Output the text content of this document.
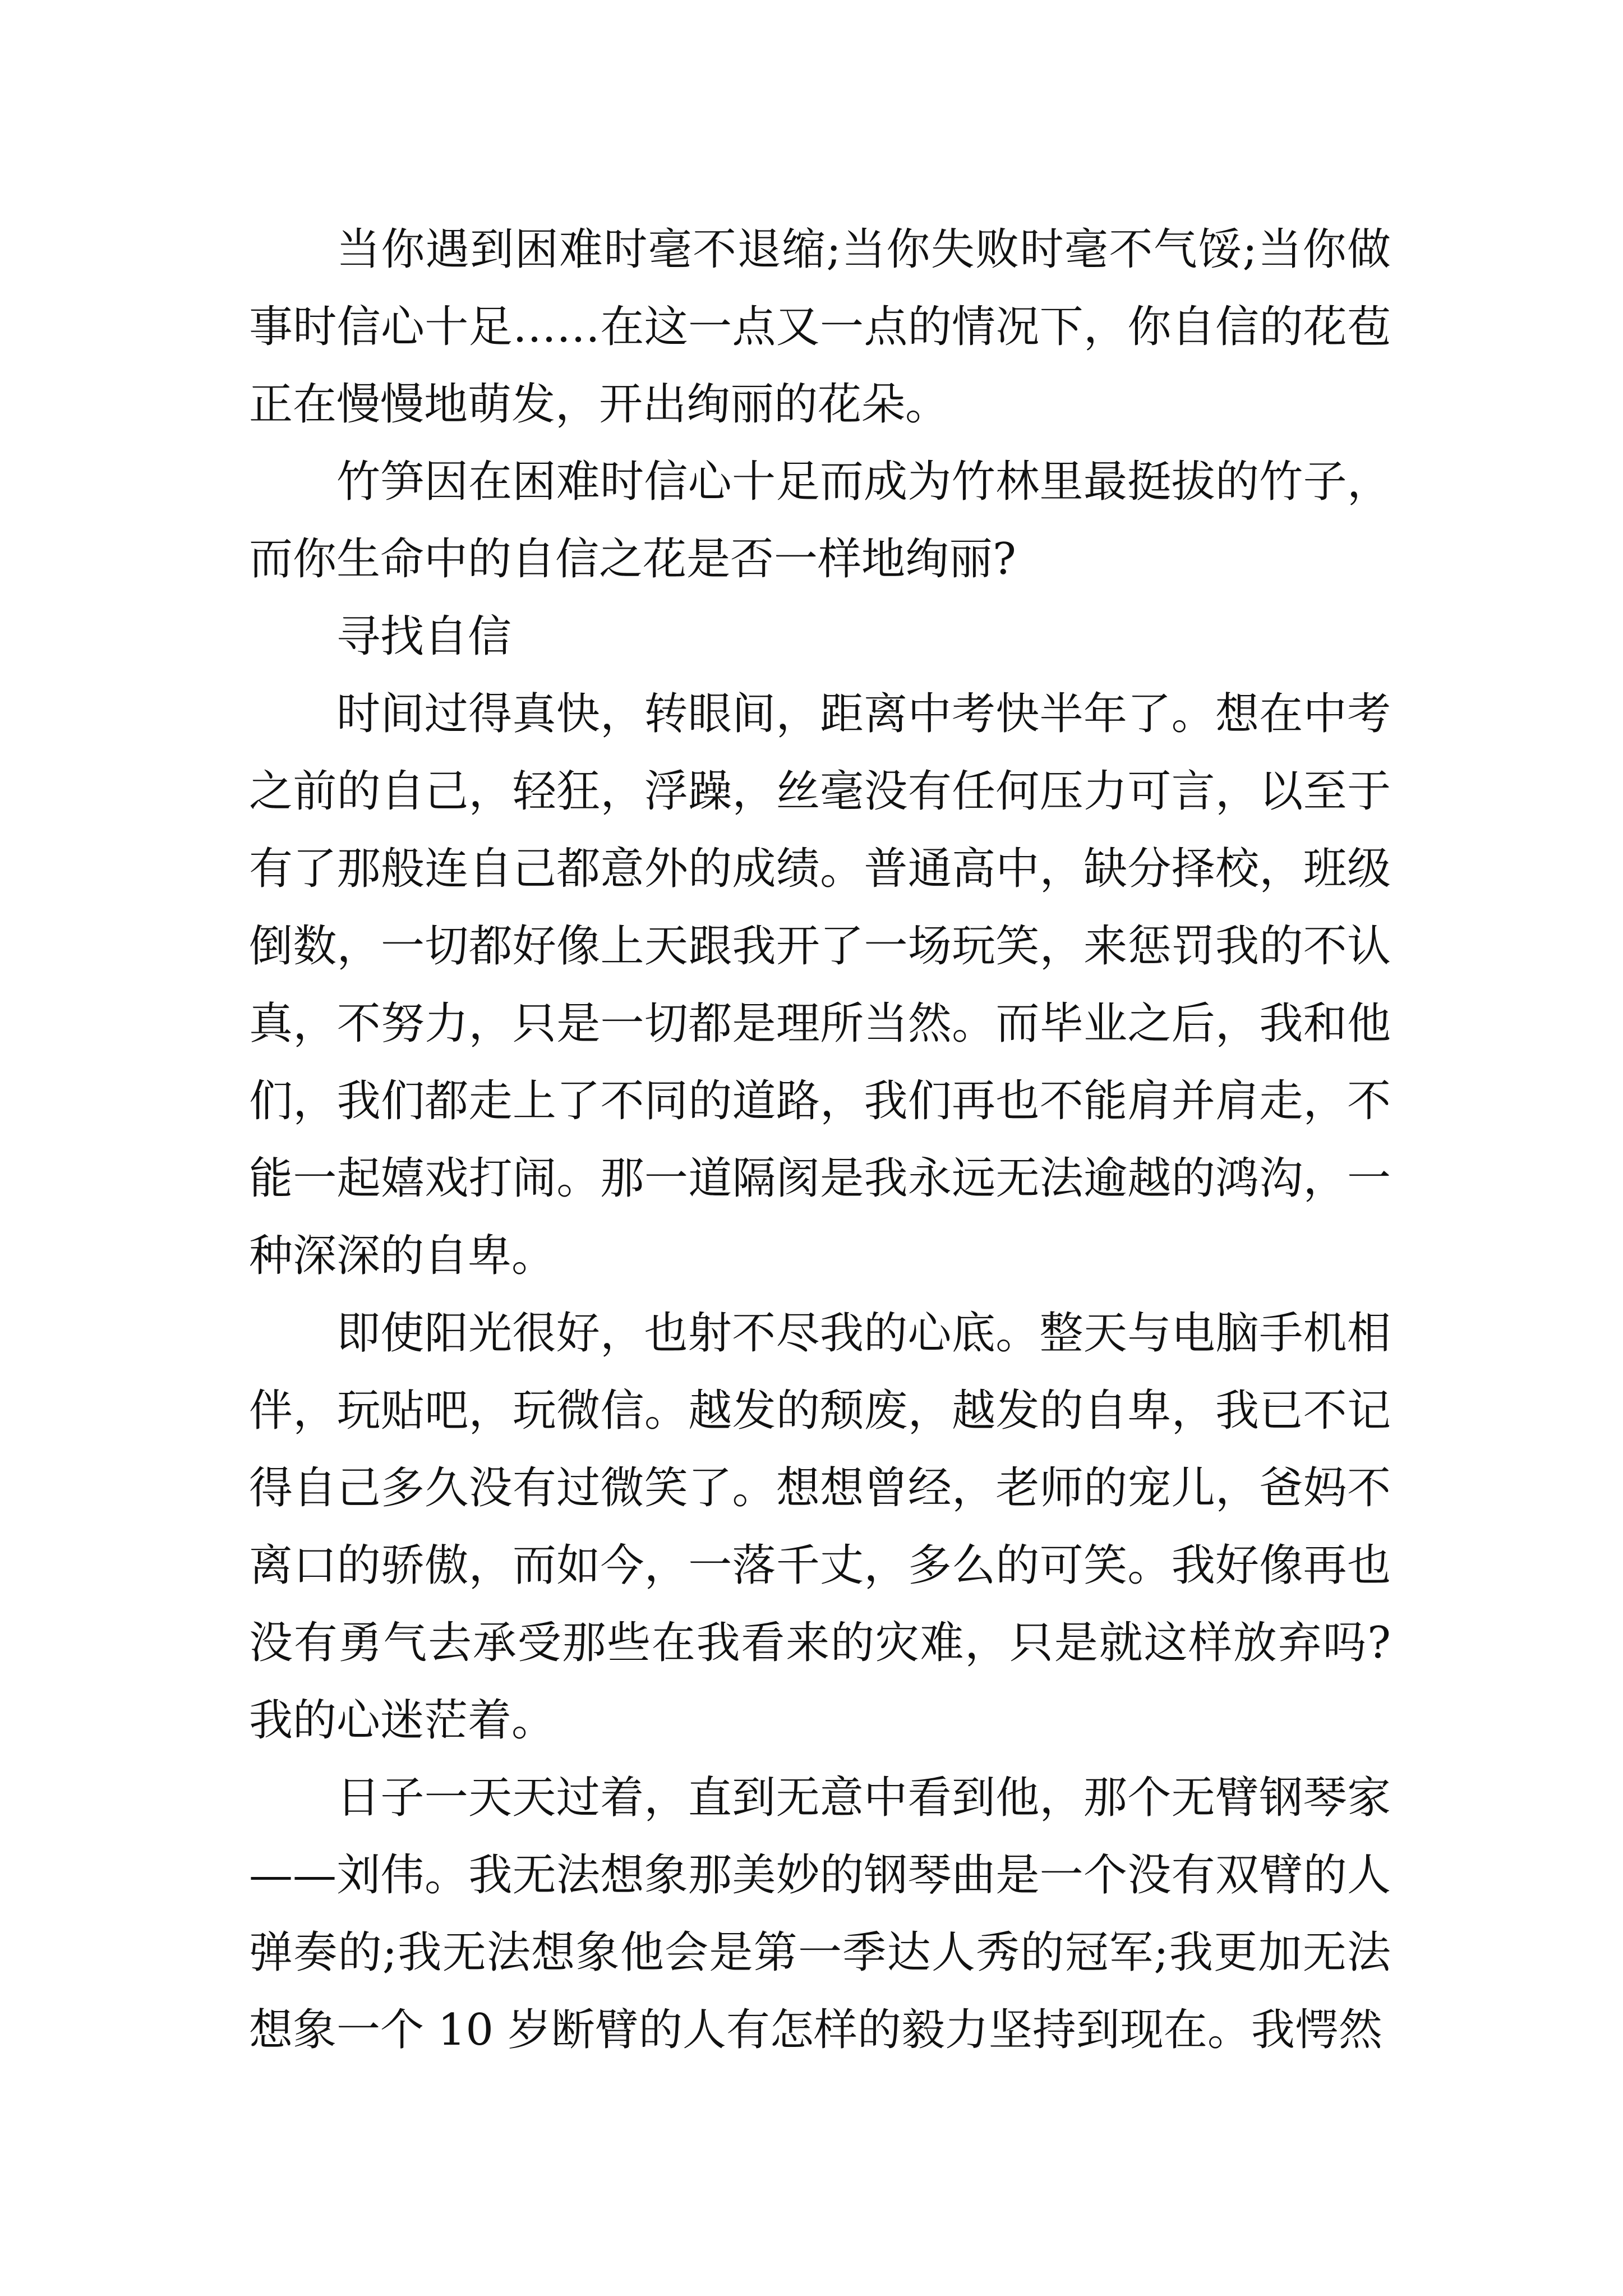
当你遇到困难时毫不退缩;当你失败时毫不气馁;当你做事时信心十足……在这一点又一点的情况下，你自信的花苞正在慢慢地萌发，开出绚丽的花朵。

竹笋因在困难时信心十足而成为竹林里最挺拔的竹子，而你生命中的自信之花是否一样地绚丽?

寻找自信

时间过得真快，转眼间，距离中考快半年了。想在中考之前的自己，轻狂，浮躁，丝毫没有任何压力可言，以至于有了那般连自己都意外的成绩。普通高中，缺分择校，班级倒数，一切都好像上天跟我开了一场玩笑，来惩罚我的不认真，不努力，只是一切都是理所当然。而毕业之后，我和他们，我们都走上了不同的道路，我们再也不能肩并肩走，不能一起嬉戏打闹。那一道隔阂是我永远无法逾越的鸿沟，一种深深的自卑。

即使阳光很好，也射不尽我的心底。整天与电脑手机相伴，玩贴吧，玩微信。越发的颓废，越发的自卑，我已不记得自己多久没有过微笑了。想想曾经，老师的宠儿，爸妈不离口的骄傲，而如今，一落千丈，多么的可笑。我好像再也没有勇气去承受那些在我看来的灾难，只是就这样放弃吗?我的心迷茫着。

日子一天天过着，直到无意中看到他，那个无臂钢琴家——刘伟。我无法想象那美妙的钢琴曲是一个没有双臂的人弹奏的;我无法想象他会是第一季达人秀的冠军;我更加无法想象一个 10 岁断臂的人有怎样的毅力坚持到现在。我愕然
